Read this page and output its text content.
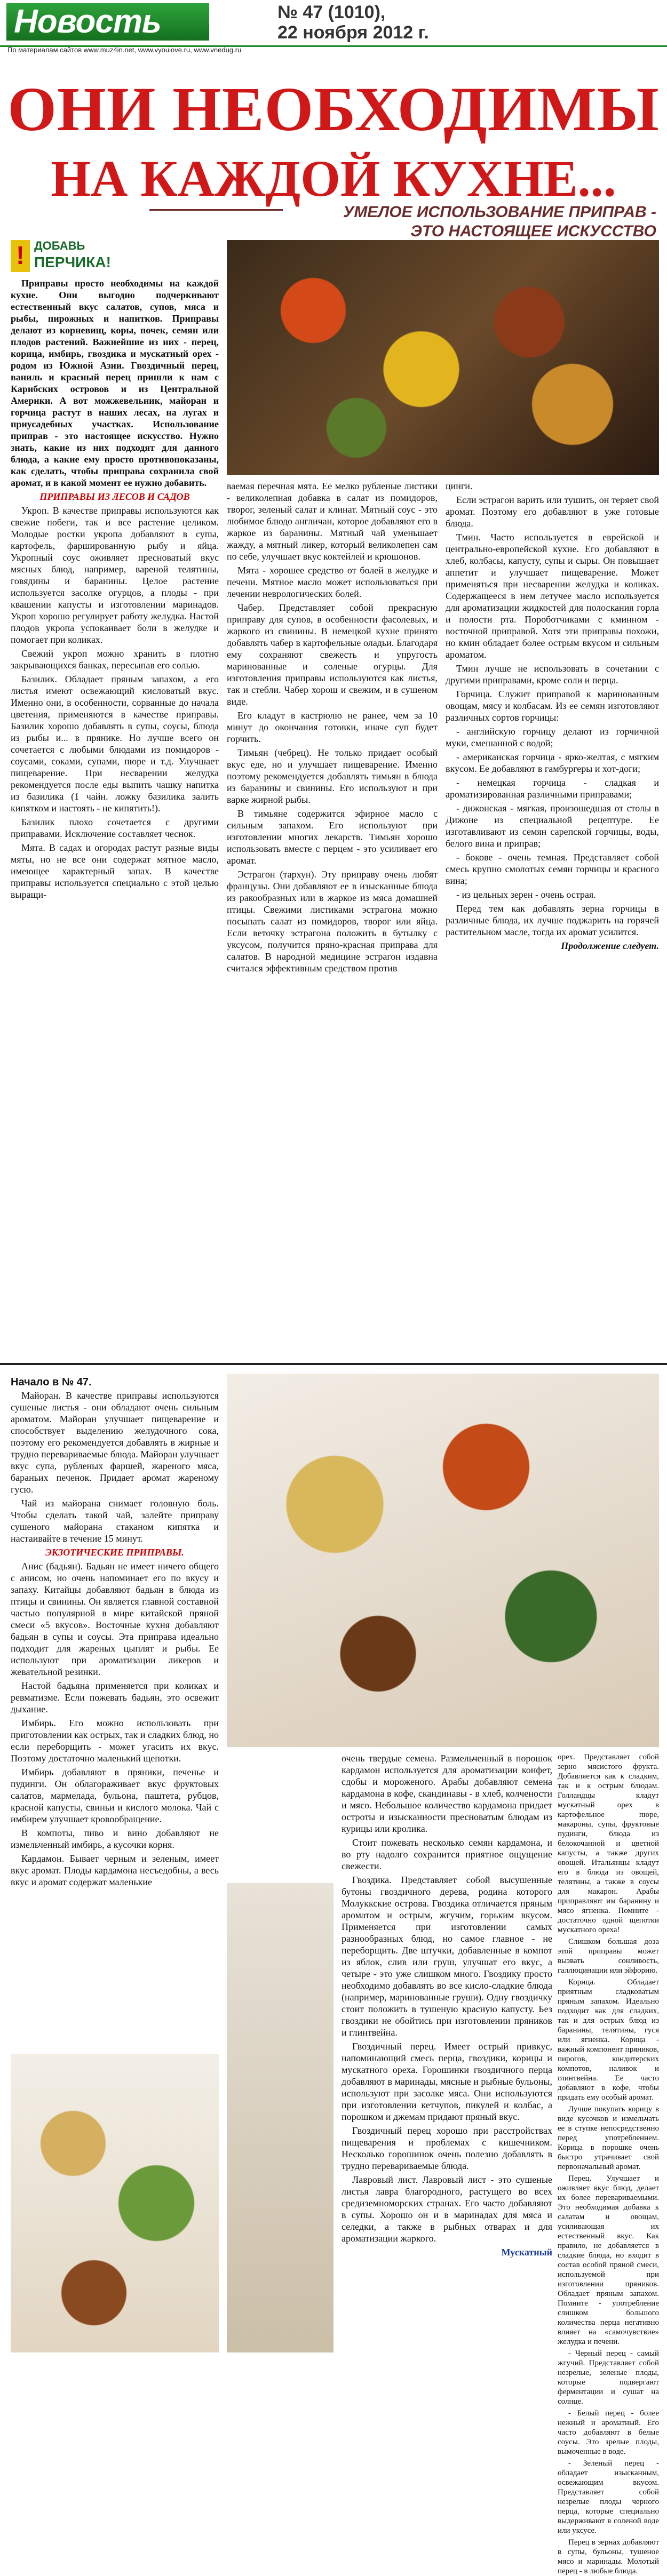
Новость	№ 47 (1010),
22 ноября 2012 г.
По материалам сайтов www.muz4in.net, www.vyouiove.ru, www.vnedug.ru
ОНИ НЕОБХОДИМЫ
НА КАЖДОЙ КУХНЕ...
УМЕЛОЕ ИСПОЛЬЗОВАНИЕ ПРИПРАВ -
ЭТО НАСТОЯЩЕЕ ИСКУССТВО
! ДОБАВЬ
ПЕРЧИКА!

Приправы просто необходимы на каждой кухне. Они выгодно подчеркивают естественный вкус салатов, супов, мяса и рыбы, пирожных и напитков. Приправы делают из корневищ, коры, почек, семян или плодов растений. Важнейшие из них - перец, корица, имбирь, гвоздика и мускатный орех - родом из Южной Азии. Гвоздичный перец, ваниль и красный перец пришли к нам с Карибских островов и из Центральной Америки. А вот можжевельник, майоран и горчица растут в наших лесах, на лугах и приусадебных участках. Использование приправ - это настоящее искусство. Нужно знать, какие из них подходят для данного блюда, а какие ему просто противопоказаны, как сделать, чтобы приправа сохранила свой аромат, и в какой момент ее нужно добавить.

ПРИПРАВЫ ИЗ ЛЕСОВ И САДОВ

Укроп. В качестве приправы используются как свежие побеги, так и все растение целиком. Молодые ростки укропа добавляют в супы, картофель, фаршированную рыбу и яйца. Укропный соус оживляет пресноватый вкус мясных блюд, например, вареной телятины, говядины и баранины. Целое растение используется засолке огурцов, а плоды - при квашении капусты и изготовлении маринадов. Укроп хорошо регулирует работу желудка. Настой плодов укропа успокаивает боли в желудке и помогает при коликах.

Свежий укроп можно хранить в плотно закрывающихся банках, пересыпав его солью.

Базилик. Обладает пряным запахом, а его листья имеют освежающий кисловатый вкус. Именно они, в особенности, сорванные до начала цветения, применяются в качестве приправы. Базилик хорошо добавлять в супы, соусы, блюда из рыбы и... в прянике. Но лучше всего он сочетается с любыми блюдами из помидоров - соусами, соками, супами, пюре и т.д. Улучшает пищеварение. При несварении желудка рекомендуется после еды выпить чашку напитка из базилика (1 чайн. ложку базилика залить кипятком и настоять - не кипятить!).

Базилик плохо сочетается с другими приправами. Исключение составляет чеснок.

Мята. В садах и огородах растут разные виды мяты, но не все они содержат мятное масло, имеющее характерный запах. В качестве приправы используется специально с этой целью выращи-

ваемая перечная мята. Ее мелко рубленые листики - великолепная добавка в салат из помидоров, творог, зеленый салат и клинат. Мятный соус - это любимое блюдо англичан, которое добавляют его в жаркое из баранины. Мятный чай уменьшает жажду, а мятный ликер, который великолепен сам по себе, улучшает вкус коктейлей и крюшонов.

Мята - хорошее средство от болей в желудке и печени. Мятное масло может использоваться при лечении неврологических болей.

Чабер. Представляет собой прекрасную приправу для супов, в особенности фасолевых, и жаркого из свинины. В немецкой кухне принято добавлять чабер в картофельные оладьи. Благодаря ему сохраняют свежесть и упругость маринованные и соленые огурцы. Для изготовления приправы используются как листья, так и стебли. Чабер хорош и свежим, и в сушеном виде.

Его кладут в кастрюлю не ранее, чем за 10 минут до окончания готовки, иначе суп будет горчить.

Тимьян (чебрец). Не только придает особый вкус еде, но и улучшает пищеварение. Именно поэтому рекомендуется добавлять тимьян в блюда из баранины и свинины. Его используют и при варке жирной рыбы.

В тимьяне содержится эфирное масло с сильным запахом. Его используют при изготовлении многих лекарств. Тимьян хорошо использовать вместе с перцем - это усиливает его аромат.

Эстрагон (тархун). Эту приправу очень любят французы. Они добавляют ее в изысканные блюда из ракообразных или в жаркое из мяса домашней птицы. Свежими листиками эстрагона можно посыпать салат из помидоров, творог или яйца. Если веточку эстрагона положить в бутылку с уксусом, получится пряно-красная приправа для салатов. В народной медицине эстрагон издавна считался эффективным средством против

цинги.

Если эстрагон варить или тушить, он теряет свой аромат. Поэтому его добавляют в уже готовые блюда.

Тмин. Часто используется в еврейской и центрально-европейской кухне. Его добавляют в хлеб, колбасы, капусту, супы и сыры. Он повышает аппетит и улучшает пищеварение. Может применяться при несварении желудка и коликах. Содержащееся в нем летучее масло используется для ароматизации жидкостей для полоскания горла и полости рта. Пороботчиками с кминном - восточной приправой. Хотя эти приправы похожи, но кмин обладает более острым вкусом и сильным ароматом.

Тмин лучше не использовать в сочетании с другими приправами, кроме соли и перца.

Горчица. Служит приправой к маринованным овощам, мясу и колбасам. Из ее семян изготовляют различных сортов горчицы:

- английскую горчицу делают из горчичной муки, смешанной с водой;

- американская горчица - ярко-желтая, с мягким вкусом. Ее добавляют в гамбургеры и хот-доги;

- немецкая горчица - сладкая и ароматизированная различными приправами;

- дижонская - мягкая, произошедшая от столы в Дижоне из специальной рецептуре. Ее изготавливают из семян сарепской горчицы, воды, белого вина и приправ;

- бокове - очень темная. Представляет собой смесь крупно смолотых семян горчицы и красного вина;

- из цельных зерен - очень острая.

Перед тем как добавлять зерна горчицы в различные блюда, их лучше поджарить на горячей растительном масле, тогда их аромат усилится.

Продолжение следует.

Начало в № 47.

Майоран. В качестве приправы используются сушеные листья - они обладают очень сильным ароматом. Майоран улучшает пищеварение и способствует выделению желудочного сока, поэтому его рекомендуется добавлять в жирные и трудно перевариваемые блюда. Майоран улучшает вкус супа, рубленых фаршей, жареного мяса, бараньих печенок. Придает аромат жареному гусю.

Чай из майорана снимает головную боль. Чтобы сделать такой чай, залейте приправу сушеного майорана стаканом кипятка и настаивайте в течение 15 минут.

ЭКЗОТИЧЕСКИЕ ПРИПРАВЫ.

Анис (бадьян). Бадьян не имеет ничего общего с анисом, но очень напоминает его по вкусу и запаху. Китайцы добавляют бадьян в блюда из птицы и свинины. Он является главной составной частью популярной в мире китайской пряной смеси «5 вкусов». Восточные кухня добавляют бадьян в супы и соусы. Эта приправа идеально подходит для жареных цыплят и рыбы. Ее используют при ароматизации ликеров и жевательной резинки.

Настой бадьяна применяется при коликах и ревматизме. Если пожевать бадьян, это освежит дыхание.

Имбирь. Его можно использовать при приготовлении как острых, так и сладких блюд, но если переборщить - может угасить их вкус. Поэтому достаточно маленький щепотки.

Имбирь добавляют в пряники, печенье и пудинги. Он облагораживает вкус фруктовых салатов, мармелада, бульона, паштета, рубцов, красной капусты, свиньи и кислого молока. Чай с имбирем улучшает кровообращение.

В компоты, пиво и вино добавляют не измельченный имбирь, а кусочки корня.

Кардамон. Бывает черным и зеленым, имеет вкус аромат. Плоды кардамона несъедобны, а весь вкус и аромат содержат маленькие

очень твердые семена. Размельченный в порошок кардамон используется для ароматизации конфет, сдобы и мороженого. Арабы добавляют семена кардамона в кофе, скандинавы - в хлеб, колчености и мясо. Небольшое количество кардамона придает остроты и изысканности пресноватым блюдам из курицы или кролика.

Стоит пожевать несколько семян кардамона, и во рту надолго сохранится приятное ощущение свежести.

Гвоздика. Представляет собой высушенные бутоны гвоздичного дерева, родина которого Молуккские острова. Гвоздика отличается пряным ароматом и острым, жгучим, горьким вкусом. Применяется при изготовлении самых разнообразных блюд, но самое главное - не переборщить. Две штучки, добавленные в компот из яблок, слив или груш, улучшат его вкус, а четыре - это уже слишком много. Гвоздику просто необходимо добавлять во все кисло-сладкие блюда (например, маринованные груши). Одну гвоздичку стоит положить в тушеную красную капусту. Без гвоздики не обойтись при изготовлении пряников и глинтвейна.

Гвоздичный перец. Имеет острый привкус, напоминающий смесь перца, гвоздики, корицы и мускатного ореха. Горошинки гвоздичного перца добавляют в маринады, мясные и рыбные бульоны, используют при засолке мяса. Они используются при изготовлении кетчупов, пикулей и колбас, а порошком и джемам придают пряный вкус.

Гвоздичный перец хорошо при расстройствах пищеварения и проблемах с кишечником. Несколько горошинок очень полезно добавлять в трудно перевариваемые блюда.

Лавровый лист. Лавровый лист - это сушеные листья лавра благородного, растущего во всех средиземноморских странах. Его часто добавляют в супы. Хорошо он и в маринадах для мяса и селедки, а также в рыбных отварах и для ароматизации жаркого.

Мускатный

орех. Представляет собой зерно мясистого фрукта. Добавляется как к сладким, так и к острым блюдам. Голландцы кладут мускатный орех в картофельное пюре, макароны, супы, фруктовые пудинги, блюда из белокочанной и цветной капусты, а также других овощей. Итальянцы кладут его в блюда из овощей, телятины, а также в соусы для макарон. Арабы приправляют им баранину и мясо ягненка. Помните - достаточно одной щепотки мускатного ореха!

Слишком большая доза этой приправы может вызвать сонливость, галлюцинации или эйфорию.

Корица. Обладает приятным сладковатым пряным запахом. Идеально подходит как для сладких, так и для острых блюд из баранины, телятины, гуся или ягненка. Корица - важный компонент пряников, пирогов, кондитерских компотов, наливок и глинтвейна. Ее часто добавляют в кофе, чтобы придать ему особый аромат.

Лучше покупать корицу в виде кусочков и измельчать ее в ступке непосредственно перед употреблением. Корица в порошке очень быстро утрачивает свой первоначальный аромат.

Перец. Улучшает и оживляет вкус блюд, делает их более перевариваемыми. Это необходимая добавка к салатам и овощам, усиливающая их естественный вкус. Как правило, не добавляется в сладкие блюда, но входит в состав особой пряной смеси, используемой при изготовлении пряников. Обладает пряным запахом. Помните - употребление слишком большого количества перца негативно влияет на «самочувствие» желудка и печени.

- Черный перец - самый жгучий. Представляет собой незрелые, зеленые плоды, которые подвергают ферментации и сушат на солнце.

- Белый перец - более нежный и ароматный. Его часто добавляют в белые соусы. Это зрелые плоды, вымоченные в воде.

- Зеленый перец - обладает изысканным, освежающим вкусом. Представляет собой незрелые плоды черного перца, которые специально выдерживают в соленой воде или уксусе.

Перец в зернах добавляют в супы, бульоны, тушеное мясо и маринады. Молотый перец - в любые блюда.
